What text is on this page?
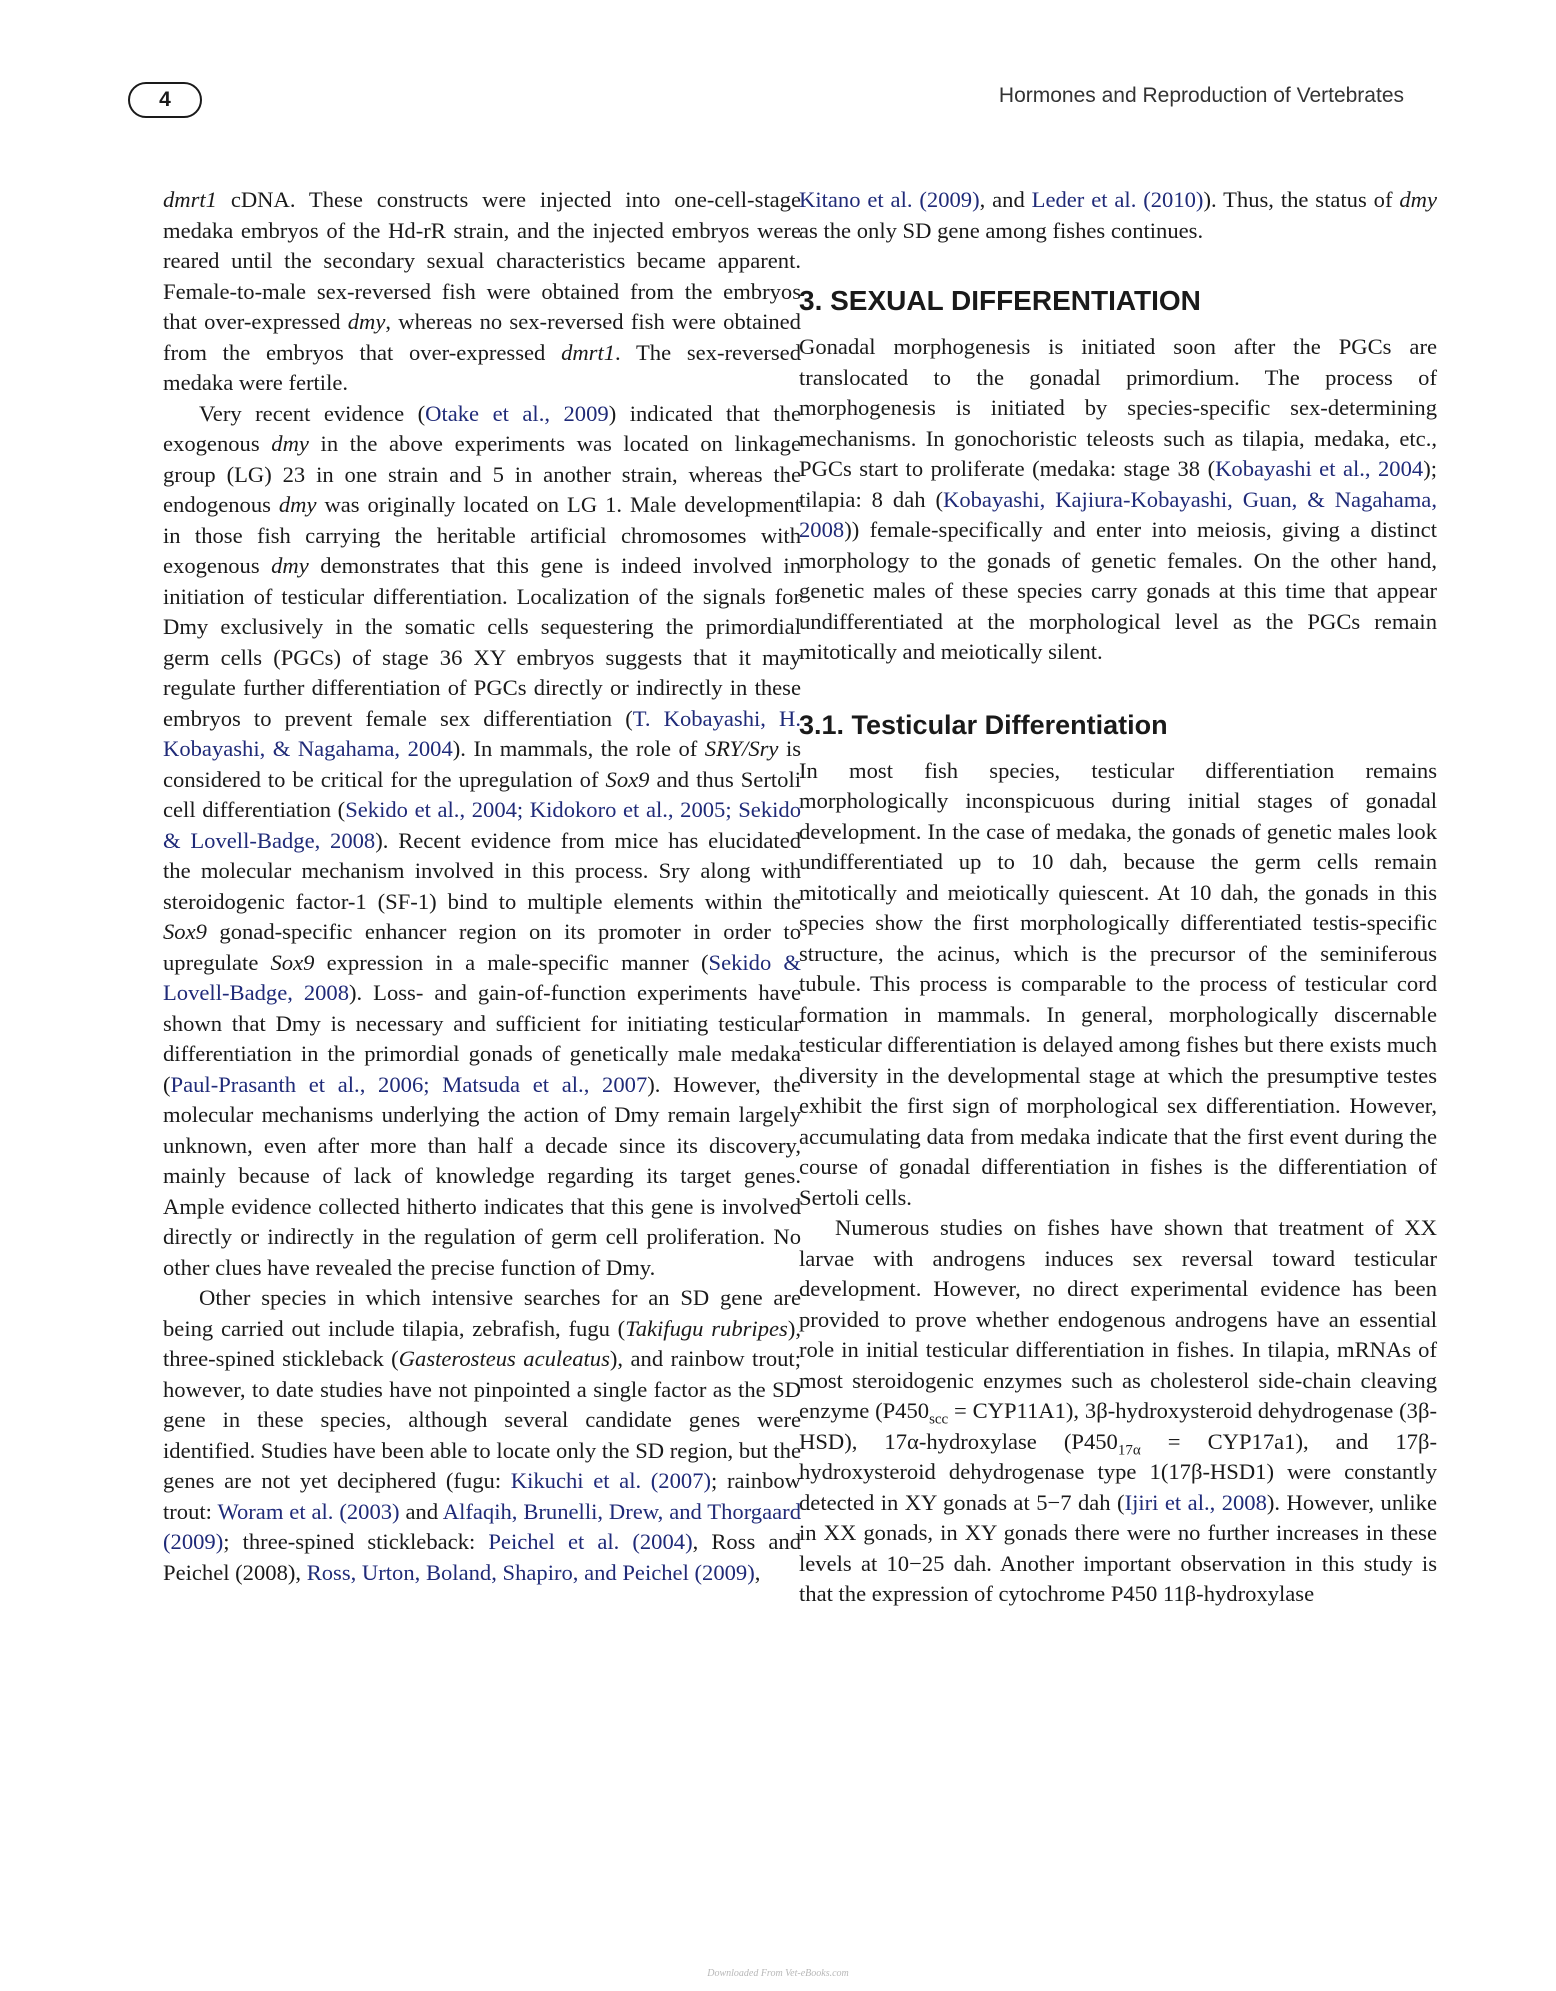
4	Hormones and Reproduction of Vertebrates

dmrt1 cDNA. These constructs were injected into one-cell-stage medaka embryos of the Hd-rR strain, and the injected embryos were reared until the secondary sexual characteristics became apparent. Female-to-male sex-reversed fish were obtained from the embryos that over-expressed dmy, whereas no sex-reversed fish were obtained from the embryos that over-expressed dmrt1. The sex-reversed medaka were fertile.

Very recent evidence (Otake et al., 2009) indicated that the exogenous dmy in the above experiments was located on linkage group (LG) 23 in one strain and 5 in another strain, whereas the endogenous dmy was originally located on LG 1. Male development in those fish carrying the heritable artificial chromosomes with exogenous dmy demonstrates that this gene is indeed involved in initiation of testicular differentiation. Localization of the signals for Dmy exclusively in the somatic cells sequestering the primordial germ cells (PGCs) of stage 36 XY embryos suggests that it may regulate further differentiation of PGCs directly or indirectly in these embryos to prevent female sex differentiation (T. Kobayashi, H. Kobayashi, & Nagahama, 2004). In mammals, the role of SRY/Sry is considered to be critical for the upregulation of Sox9 and thus Sertoli cell differentiation (Sekido et al., 2004; Kidokoro et al., 2005; Sekido & Lovell-Badge, 2008). Recent evidence from mice has elucidated the molecular mechanism involved in this process. Sry along with steroidogenic factor-1 (SF-1) bind to multiple elements within the Sox9 gonad-specific enhancer region on its promoter in order to upregulate Sox9 expression in a male-specific manner (Sekido & Lovell-Badge, 2008). Loss- and gain-of-function experiments have shown that Dmy is necessary and sufficient for initiating testicular differentiation in the primordial gonads of genetically male medaka (Paul-Prasanth et al., 2006; Matsuda et al., 2007). However, the molecular mechanisms underlying the action of Dmy remain largely unknown, even after more than half a decade since its discovery, mainly because of lack of knowledge regarding its target genes. Ample evidence collected hitherto indicates that this gene is involved directly or indirectly in the regulation of germ cell proliferation. No other clues have revealed the precise function of Dmy.

Other species in which intensive searches for an SD gene are being carried out include tilapia, zebrafish, fugu (Takifugu rubripes), three-spined stickleback (Gasterosteus aculeatus), and rainbow trout; however, to date studies have not pinpointed a single factor as the SD gene in these species, although several candidate genes were identified. Studies have been able to locate only the SD region, but the genes are not yet deciphered (fugu: Kikuchi et al. (2007); rainbow trout: Woram et al. (2003) and Alfaqih, Brunelli, Drew, and Thorgaard (2009); three-spined stickleback: Peichel et al. (2004), Ross and Peichel (2008), Ross, Urton, Boland, Shapiro, and Peichel (2009),

Kitano et al. (2009), and Leder et al. (2010)). Thus, the status of dmy as the only SD gene among fishes continues.

3. SEXUAL DIFFERENTIATION

Gonadal morphogenesis is initiated soon after the PGCs are translocated to the gonadal primordium. The process of morphogenesis is initiated by species-specific sex-determining mechanisms. In gonochoristic teleosts such as tilapia, medaka, etc., PGCs start to proliferate (medaka: stage 38 (Kobayashi et al., 2004); tilapia: 8 dah (Kobayashi, Kajiura-Kobayashi, Guan, & Nagahama, 2008)) female-specifically and enter into meiosis, giving a distinct morphology to the gonads of genetic females. On the other hand, genetic males of these species carry gonads at this time that appear undifferentiated at the morphological level as the PGCs remain mitotically and meiotically silent.

3.1. Testicular Differentiation

In most fish species, testicular differentiation remains morphologically inconspicuous during initial stages of gonadal development. In the case of medaka, the gonads of genetic males look undifferentiated up to 10 dah, because the germ cells remain mitotically and meiotically quiescent. At 10 dah, the gonads in this species show the first morphologically differentiated testis-specific structure, the acinus, which is the precursor of the seminiferous tubule. This process is comparable to the process of testicular cord formation in mammals. In general, morphologically discernable testicular differentiation is delayed among fishes but there exists much diversity in the developmental stage at which the presumptive testes exhibit the first sign of morphological sex differentiation. However, accumulating data from medaka indicate that the first event during the course of gonadal differentiation in fishes is the differentiation of Sertoli cells.

Numerous studies on fishes have shown that treatment of XX larvae with androgens induces sex reversal toward testicular development. However, no direct experimental evidence has been provided to prove whether endogenous androgens have an essential role in initial testicular differentiation in fishes. In tilapia, mRNAs of most steroidogenic enzymes such as cholesterol side-chain cleaving enzyme $(P450_{scc} = CYP11A1)$, 3β-hydroxysteroid dehydrogenase (3β-HSD), 17α-hydroxylase $(P450_{17\alpha} = CYP17a1)$, and 17β-hydroxysteroid dehydrogenase type 1(17β-HSD1) were constantly detected in XY gonads at 5−7 dah (Ijiri et al., 2008). However, unlike in XX gonads, in XY gonads there were no further increases in these levels at 10−25 dah. Another important observation in this study is that the expression of cytochrome P450 11β-hydroxylase

Downloaded From Vet-eBooks.com
